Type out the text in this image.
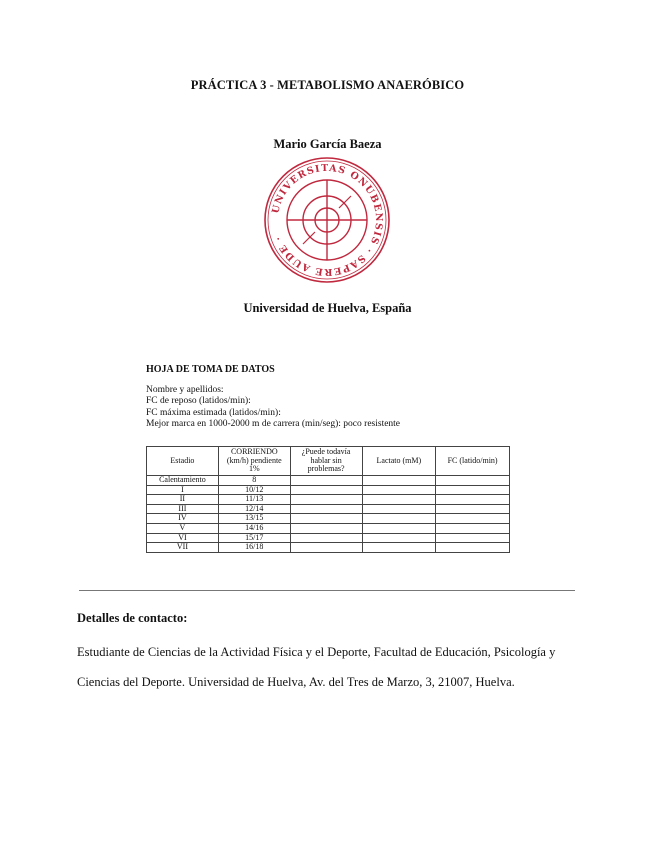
PRÁCTICA 3 - METABOLISMO ANAERÓBICO
Mario García Baeza
UNIVERSITAS ONUBENSIS · SAPERE AUDE ·
Universidad de Huelva, España
HOJA DE TOMA DE DATOS
Nombre y apellidos:
FC de reposo (latidos/min):
FC máxima estimada (latidos/min):
Mejor marca en 1000-2000 m de carrera (min/seg): poco resistente
Estadio	CORRIENDO (km/h) pendiente 1%	¿Puede todavía hablar sin problemas?	Lactato (mM)	FC (latido/min)
Calentamiento	8			
I	10/12			
II	11/13			
III	12/14			
IV	13/15			
V	14/16			
VI	15/17			
VII	16/18			
Detalles de contacto:
Estudiante de Ciencias de la Actividad Física y el Deporte, Facultad de Educación, Psicología y
Ciencias del Deporte. Universidad de Huelva, Av. del Tres de Marzo, 3, 21007, Huelva.
